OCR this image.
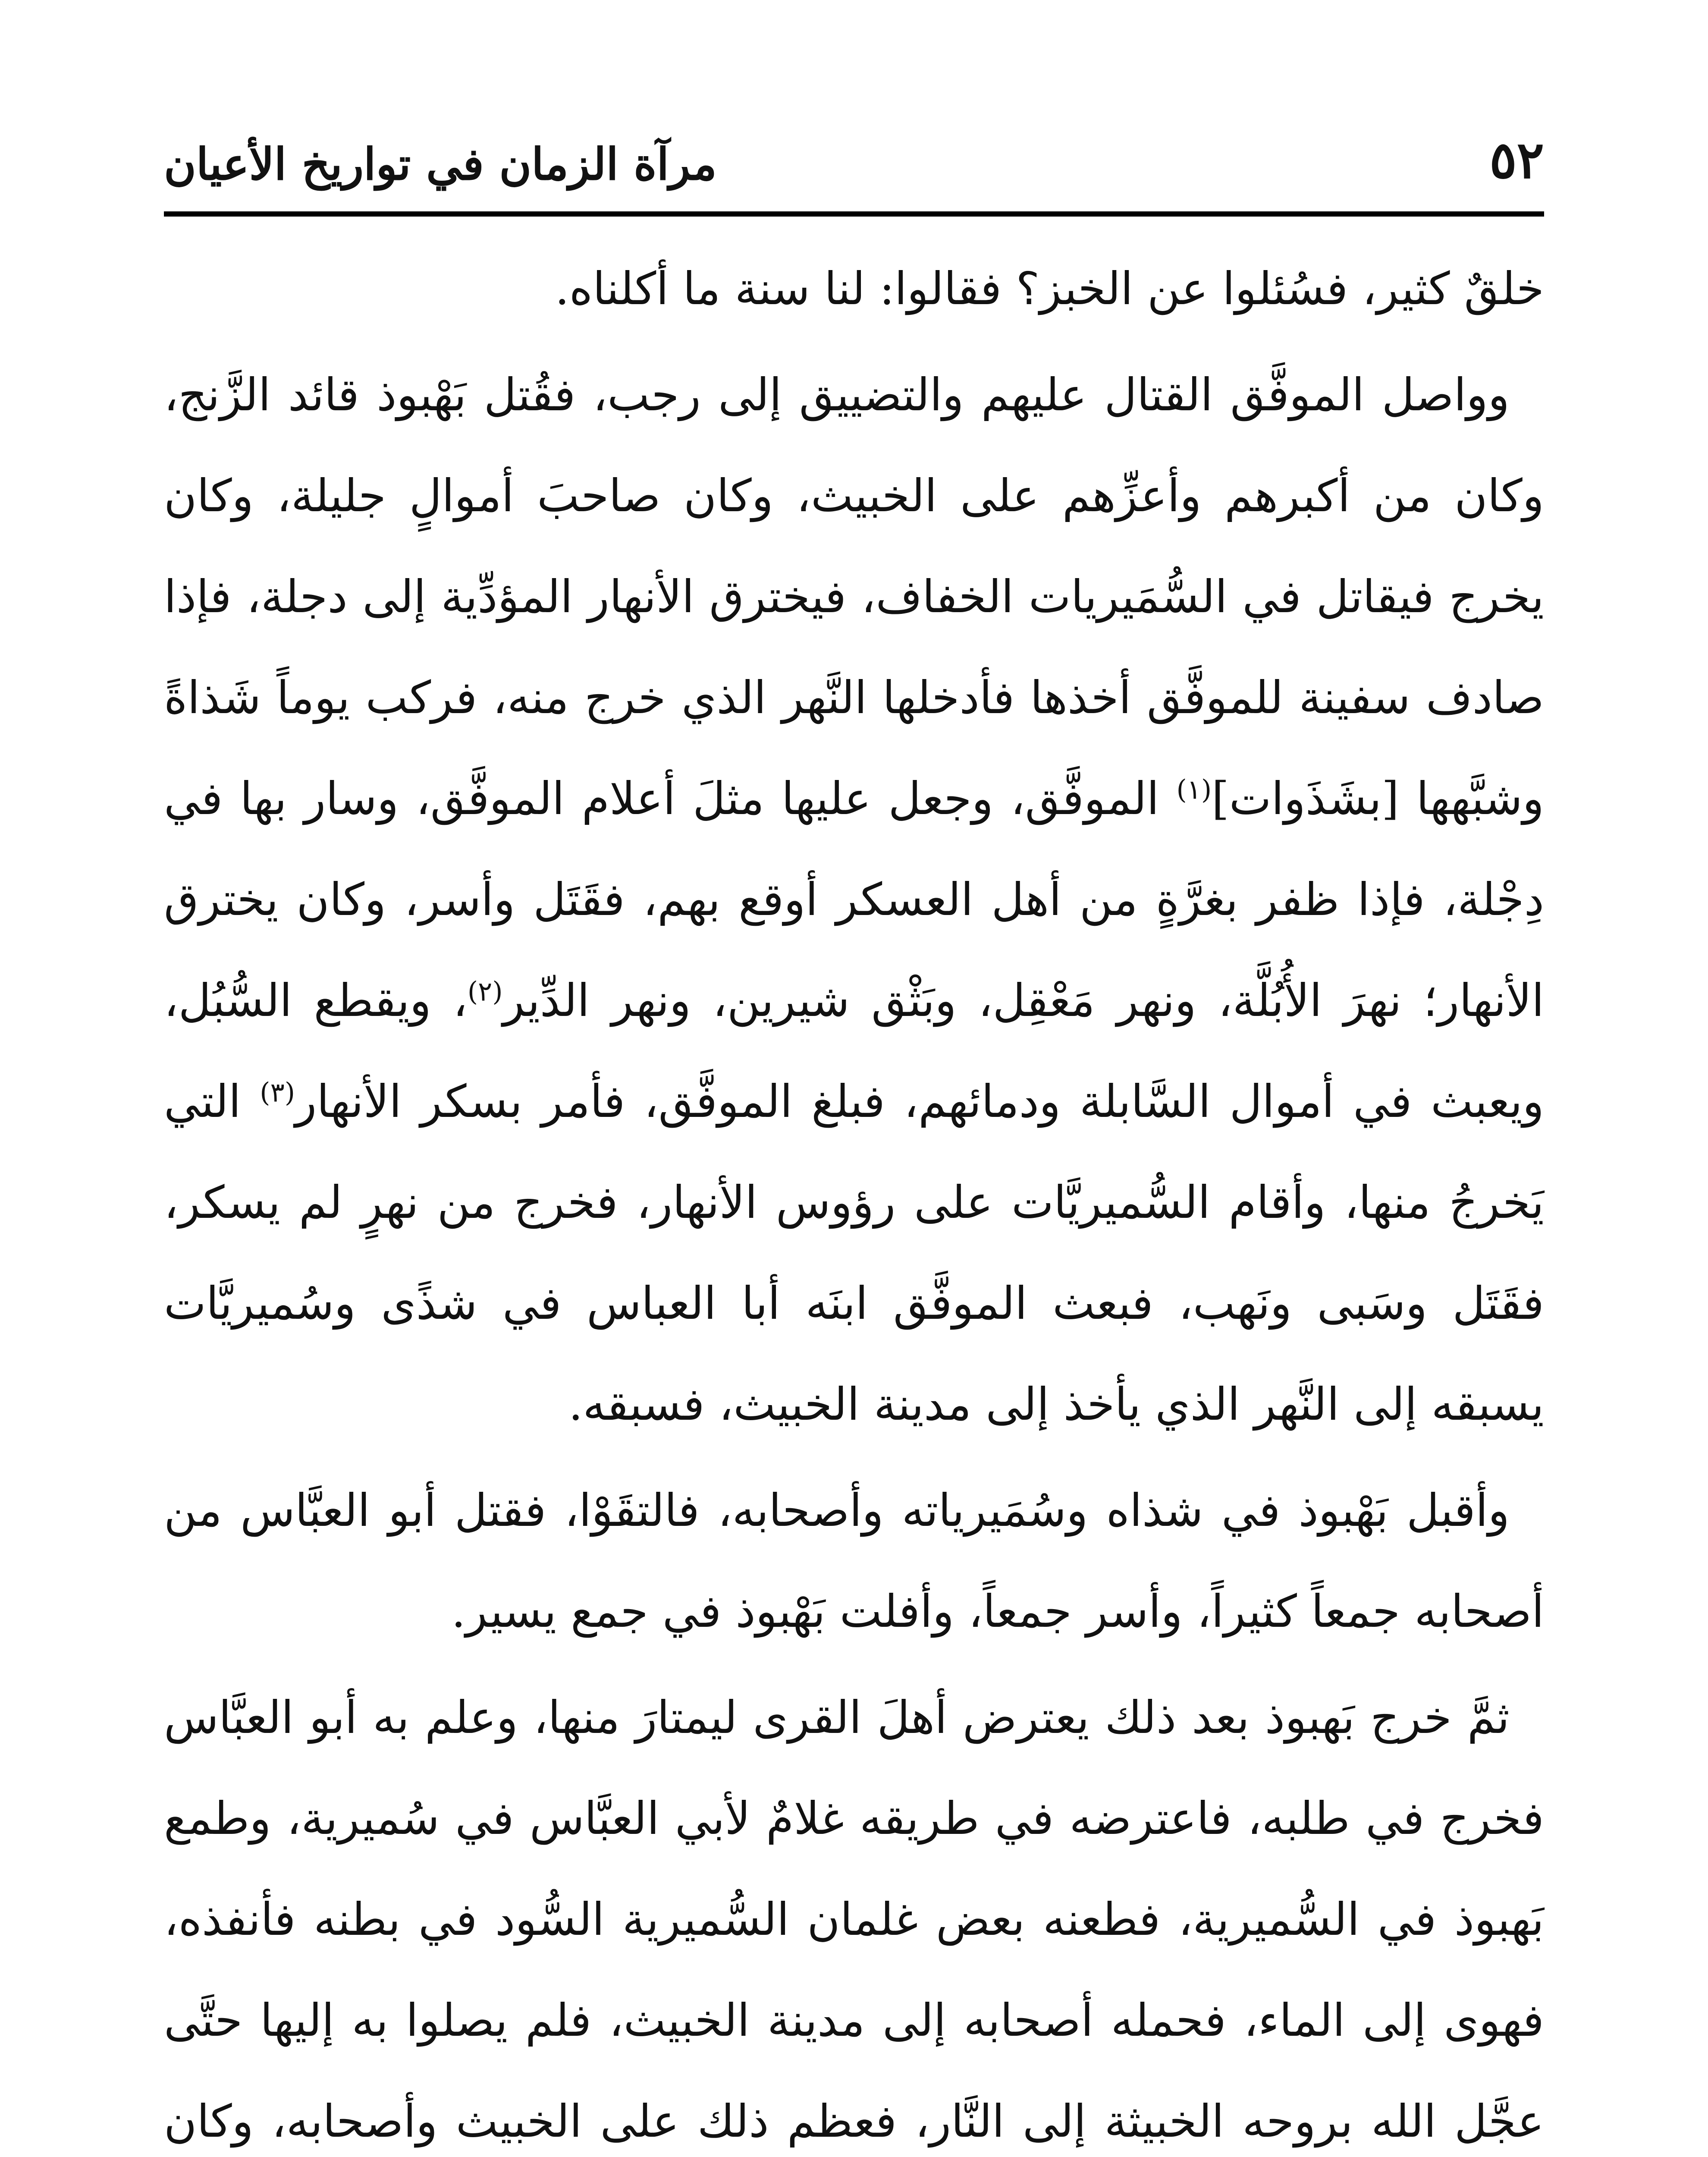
٥٢
مرآة الزمان في تواريخ الأعيان

خلقٌ كثير، فسُئلوا عن الخبز؟ فقالوا: لنا سنة ما أكلناه.

وواصل الموفَّق القتال عليهم والتضييق إلى رجب، فقُتل بَهْبوذ قائد الزَّنج، وكان من أكبرهم وأعزِّهم على الخبيث، وكان صاحبَ أموالٍ جليلة، وكان يخرج فيقاتل في السُّمَيريات الخفاف، فيخترق الأنهار المؤدِّية إلى دجلة، فإذا صادف سفينة للموفَّق أخذها فأدخلها النَّهر الذي خرج منه، فركب يوماً شَذاةً وشبَّهها [بشَذَوات]$^{(١)}$ الموفَّق، وجعل عليها مثلَ أعلام الموفَّق، وسار بها في دِجْلة، فإذا ظفر بغرَّةٍ من أهل العسكر أوقع بهم، فقَتَل وأسر، وكان يخترق الأنهار؛ نهرَ الأُبُلَّة، ونهر مَعْقِل، وبَثْق شيرين، ونهر الدِّير$^{(٢)}$، ويقطع السُّبُل، ويعبث في أموال السَّابلة ودمائهم، فبلغ الموفَّق، فأمر بسكر الأنهار$^{(٣)}$ التي يَخرجُ منها، وأقام السُّميريَّات على رؤوس الأنهار، فخرج من نهرٍ لم يسكر، فقَتَل وسَبى ونَهب، فبعث الموفَّق ابنَه أبا العباس في شذًى وسُميريَّات يسبقه إلى النَّهر الذي يأخذ إلى مدينة الخبيث، فسبقه.

وأقبل بَهْبوذ في شذاه وسُمَيرياته وأصحابه، فالتقَوْا، فقتل أبو العبَّاس من أصحابه جمعاً كثيراً، وأسر جمعاً، وأفلت بَهْبوذ في جمع يسير.

ثمَّ خرج بَهبوذ بعد ذلك يعترض أهلَ القرى ليمتارَ منها، وعلم به أبو العبَّاس فخرج في طلبه، فاعترضه في طريقه غلامٌ لأبي العبَّاس في سُميرية، وطمع بَهبوذ في السُّميرية، فطعنه بعض غلمان السُّميرية السُّود في بطنه فأنفذه، فهوى إلى الماء، فحمله أصحابه إلى مدينة الخبيث، فلم يصلوا به إليها حتَّى عجَّل الله بروحه الخبيثة إلى النَّار، فعظم ذلك على الخبيث وأصحابه، وكان
